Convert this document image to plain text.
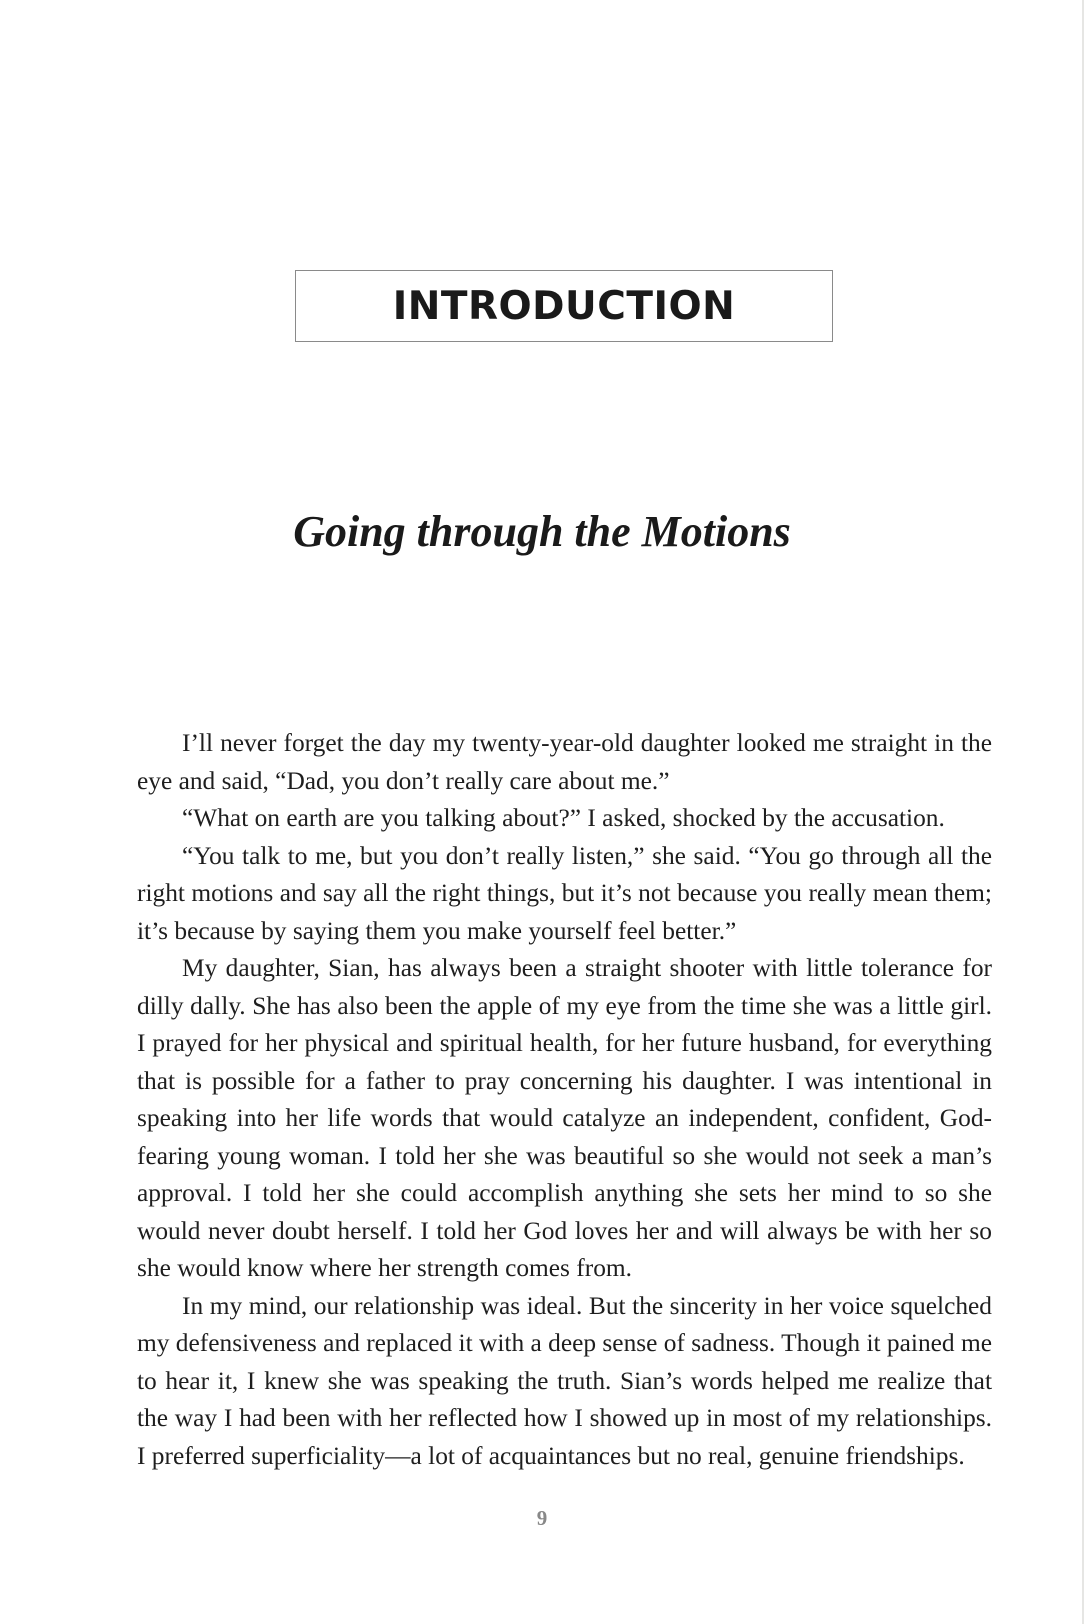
INTRODUCTION
Going through the Motions

I’ll never forget the day my twenty-year-old daughter looked me straight in the eye and said, “Dad, you don’t really care about me.”

“What on earth are you talking about?” I asked, shocked by the accusation.

“You talk to me, but you don’t really listen,” she said. “You go through all the right motions and say all the right things, but it’s not because you really mean them; it’s because by saying them you make yourself feel better.”

My daughter, Sian, has always been a straight shooter with little tolerance for dilly dally. She has also been the apple of my eye from the time she was a little girl. I prayed for her physical and spiritual health, for her future husband, for everything that is possible for a father to pray concerning his daughter. I was intentional in speaking into her life words that would catalyze an independent, confident, God-fearing young woman. I told her she was beautiful so she would not seek a man’s approval. I told her she could accomplish anything she sets her mind to so she would never doubt herself. I told her God loves her and will always be with her so she would know where her strength comes from.

In my mind, our relationship was ideal. But the sincerity in her voice squelched my defensiveness and replaced it with a deep sense of sadness. Though it pained me to hear it, I knew she was speaking the truth. Sian’s words helped me realize that the way I had been with her reflected how I showed up in most of my relationships. I preferred superficiality—a lot of acquaintances but no real, genuine friendships.

9
